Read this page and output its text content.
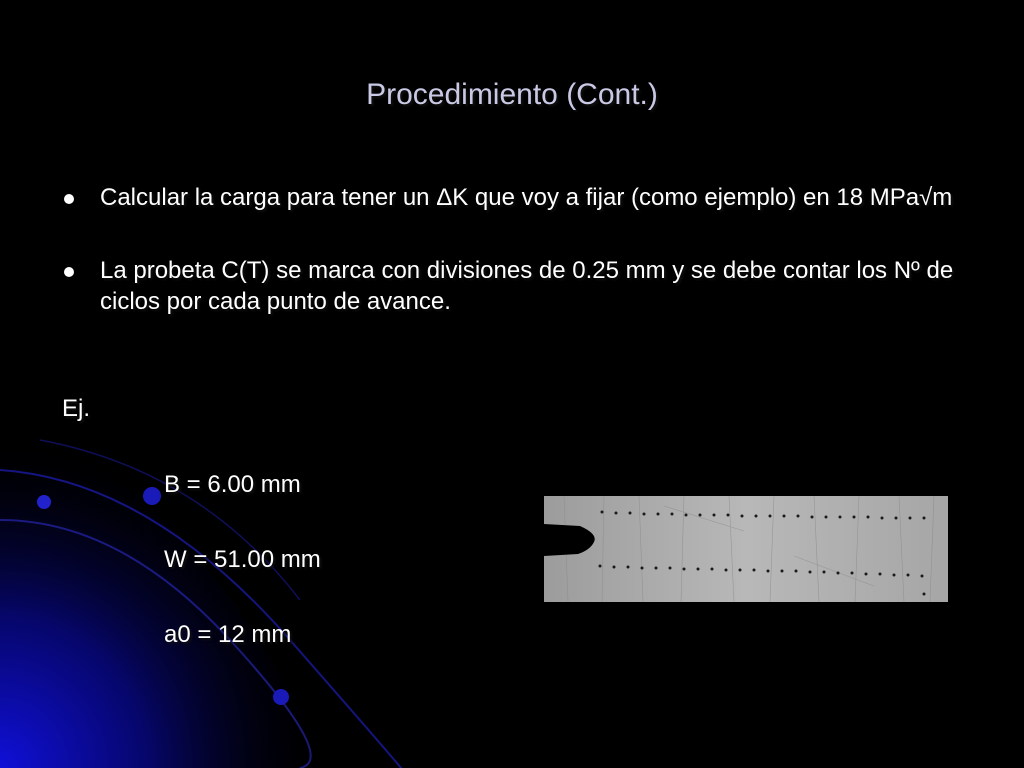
Procedimiento (Cont.)
Calcular la carga para tener un ΔK que voy a fijar (como ejemplo) en 18 MPa√m
La probeta C(T) se marca con divisiones de 0.25 mm y se debe contar los Nº de ciclos por cada punto de avance.
Ej.
B = 6.00 mm
W = 51.00 mm
a0 = 12 mm
